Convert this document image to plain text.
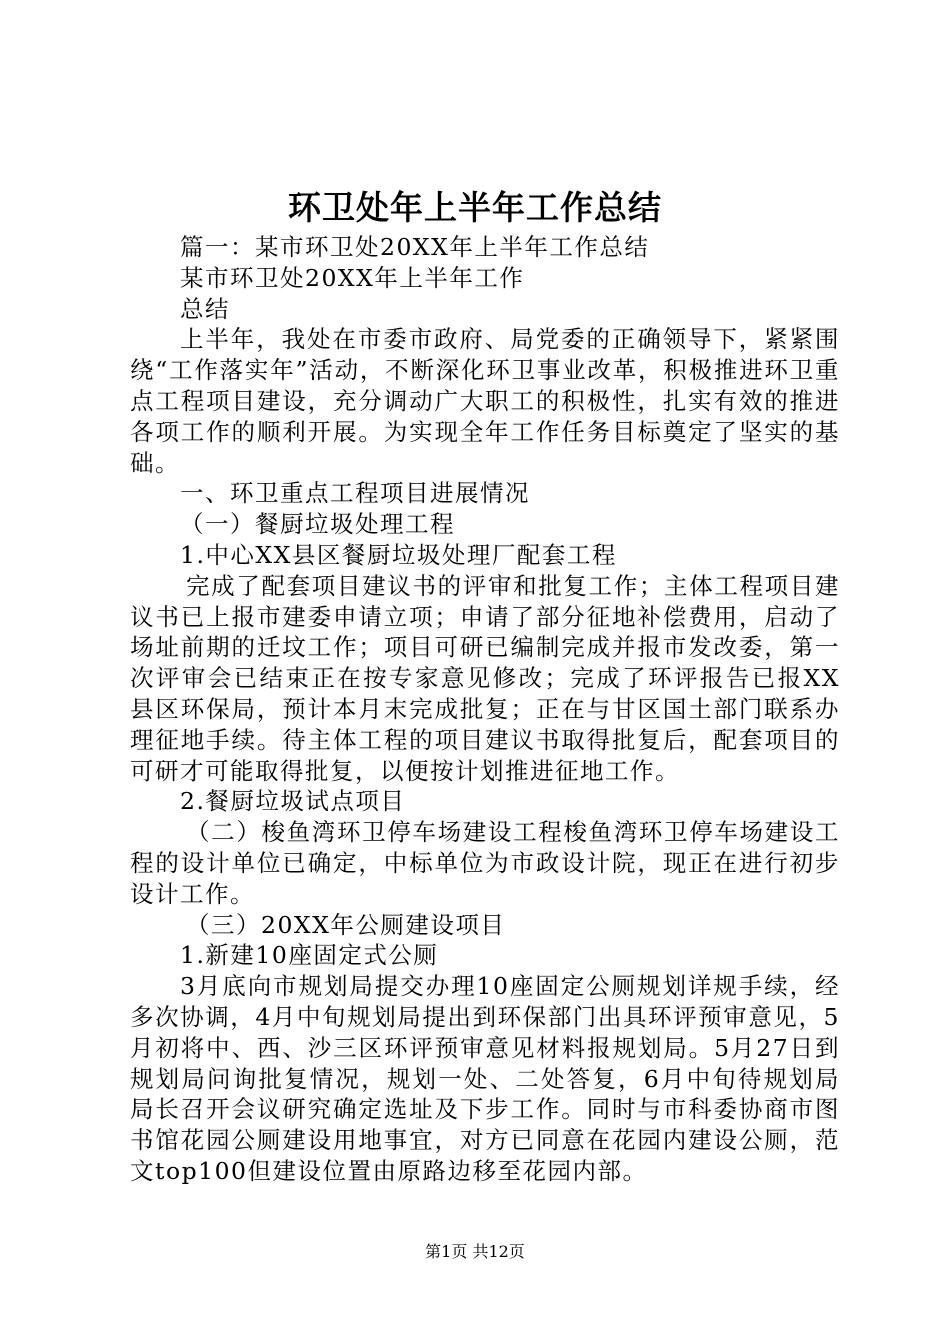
环卫处年上半年工作总结

篇一：某市环卫处20XX年上半年工作总结

某市环卫处20XX年上半年工作

总结

上半年，我处在市委市政府、局党委的正确领导下，紧紧围绕“工作落实年”活动，不断深化环卫事业改革，积极推进环卫重点工程项目建设，充分调动广大职工的积极性，扎实有效的推进各项工作的顺利开展。为实现全年工作任务目标奠定了坚实的基础。

一、环卫重点工程项目进展情况

（一）餐厨垃圾处理工程

1.中心XX县区餐厨垃圾处理厂配套工程

完成了配套项目建议书的评审和批复工作；主体工程项目建议书已上报市建委申请立项；申请了部分征地补偿费用，启动了场址前期的迁坟工作；项目可研已编制完成并报市发改委，第一次评审会已结束正在按专家意见修改；完成了环评报告已报XX县区环保局，预计本月末完成批复；正在与甘区国土部门联系办理征地手续。待主体工程的项目建议书取得批复后，配套项目的可研才可能取得批复，以便按计划推进征地工作。

2.餐厨垃圾试点项目

（二）梭鱼湾环卫停车场建设工程梭鱼湾环卫停车场建设工程的设计单位已确定，中标单位为市政设计院，现正在进行初步设计工作。

（三）20XX年公厕建设项目

1.新建10座固定式公厕

3月底向市规划局提交办理10座固定公厕规划详规手续，经多次协调，4月中旬规划局提出到环保部门出具环评预审意见，5月初将中、西、沙三区环评预审意见材料报规划局。5月27日到规划局问询批复情况，规划一处、二处答复，6月中旬待规划局局长召开会议研究确定选址及下步工作。同时与市科委协商市图书馆花园公厕建设用地事宜，对方已同意在花园内建设公厕，范文top100但建设位置由原路边移至花园内部。

第1页 共12页
